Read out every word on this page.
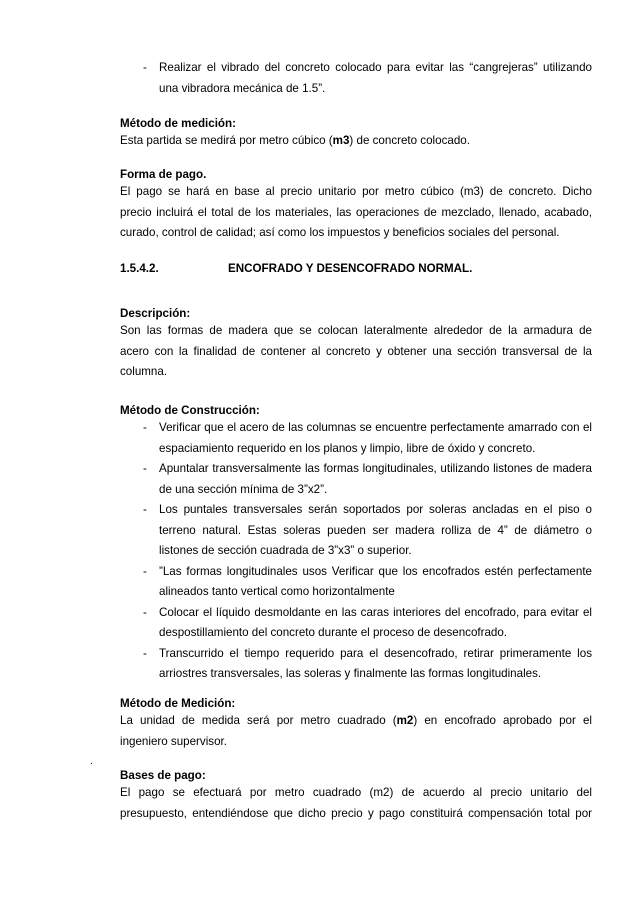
- Realizar el vibrado del concreto colocado para evitar las “cangrejeras” utilizando
una vibradora mecánica de 1.5”.

Método de medición:

Esta partida se medirá por metro cúbico (m3) de concreto colocado.

Forma de pago.

El pago se hará en base al precio unitario por metro cúbico (m3) de concreto. Dicho
precio incluirá el total de los materiales, las operaciones de mezclado, llenado, acabado,
curado, control de calidad; así como los impuestos y beneficios sociales del personal.
1.5.4.2.	ENCOFRADO Y DESENCOFRADO NORMAL.

Descripción:

Son las formas de madera que se colocan lateralmente alrededor de la armadura de
acero con la finalidad de contener al concreto y obtener una sección transversal de la
columna.

Método de Construcción:

- Verificar que el acero de las columnas se encuentre perfectamente amarrado con el
espaciamiento requerido en los planos y limpio, libre de óxido y concreto.
- Apuntalar transversalmente las formas longitudinales, utilizando listones de madera
de una sección mínima de 3”x2”.
- Los puntales transversales serán soportados por soleras ancladas en el piso o
terreno natural. Estas soleras pueden ser madera rolliza de 4” de diámetro o
listones de sección cuadrada de 3”x3” o superior.
- ”Las formas longitudinales usos Verificar que los encofrados estén perfectamente
alineados tanto vertical como horizontalmente
- Colocar el líquido desmoldante en las caras interiores del encofrado, para evitar el
despostillamiento del concreto durante el proceso de desencofrado.
- Transcurrido el tiempo requerido para el desencofrado, retirar primeramente los
arriostres transversales, las soleras y finalmente las formas longitudinales.

Método de Medición:

La unidad de medida será por metro cuadrado (m2) en encofrado aprobado por el
ingeniero supervisor.
.

Bases de pago:

El pago se efectuará por metro cuadrado (m2) de acuerdo al precio unitario del
presupuesto, entendiéndose que dicho precio y pago constituirá compensación total por
